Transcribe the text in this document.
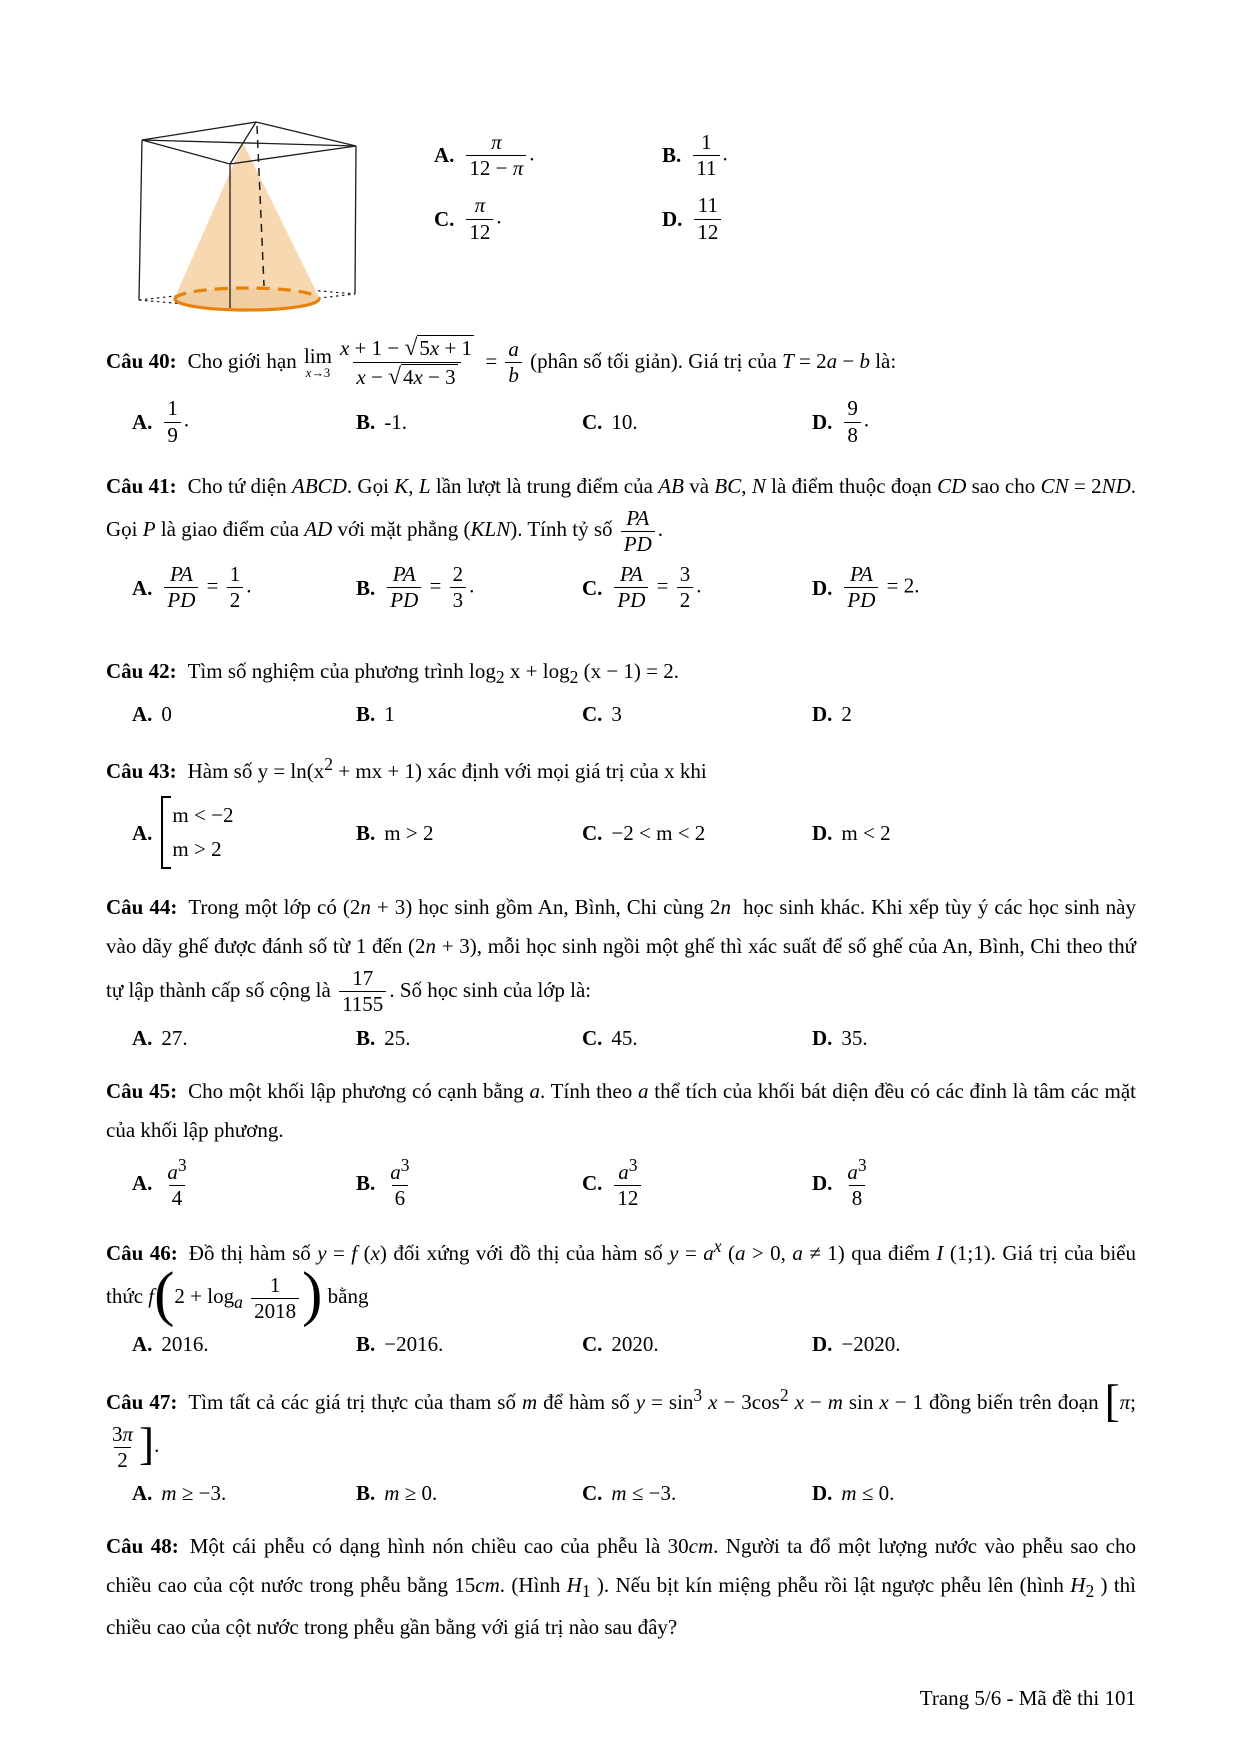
A. $\frac{\pi}{12 - \pi}$ .	B. $\frac{1}{11}$ .
C. $\frac{\pi}{12}$ .	D. $\frac{11}{12}$

Câu 40: Cho giới hạn lim
$x\to 3 \frac{x + 1 - √ 5x + 1}{x - √ 4x - 3} = \frac{a}{b}$ (phân số tối giản). Giá trị của T = 2a − b là:

A. $\frac{1}{9}$ .	B. -1.	C. 10.	D. $\frac{9}{8}$ .

Câu 41: Cho tứ diện ABCD. Gọi K, L lần lượt là trung điểm của AB và BC, N là điểm thuộc đoạn CD sao cho CN = 2ND. Gọi P là giao điểm của AD với mặt phẳng (KLN). Tính tỷ số $\frac{PA}{PD}$ .

A. $\frac{PA}{PD} = \frac{1}{2}$ .	B. $\frac{PA}{PD} = \frac{2}{3}$ .	C. $\frac{PA}{PD} = \frac{3}{2}$ .	D. $\frac{PA}{PD} = 2$.

Câu 42: Tìm số nghiệm của phương trình $\log_2 x + \log_2 (x - 1) = 2$.

A. 0	B. 1	C. 3	D. 2

Câu 43: Hàm số $y = \ln(x^2$ + mx + 1) xác định với mọi giá trị của x khi

A.
m < −2
m > 2
B. m > 2	C. −2 < m < 2	D. m < 2

Câu 44: Trong một lớp có (2n + 3) học sinh gồm An, Bình, Chi cùng 2n  học sinh khác. Khi xếp tùy ý các học sinh này vào dãy ghế được đánh số từ 1 đến (2n + 3), mỗi học sinh ngồi một ghế thì xác suất để số ghế của An, Bình, Chi theo thứ tự lập thành cấp số cộng là $\frac{17}{1155}$ . Số học sinh của lớp là:

A. 27.	B. 25.	C. 45.	D. 35.

Câu 45: Cho một khối lập phương có cạnh bằng a. Tính theo a thể tích của khối bát diện đều có các đỉnh là tâm các mặt của khối lập phương.

A. $\frac{a^3}{4}$	B. $\frac{a^3}{6}$	C. $\frac{a^3}{12}$	D. $\frac{a^3}{8}$

Câu 46: Đồ thị hàm số y = f (x) đối xứng với đồ thị của hàm số $y = a^x$ (a > 0, a ≠ 1) qua điểm I (1;1). Giá trị của biểu thức $f(2 + \log_a \frac{1}{2018}$ ) bằng

A. 2016.	B. −2016.	C. 2020.	D. −2020.

Câu 47: Tìm tất cả các giá trị thực của tham số m để hàm số $y = \sin^3 x - 3\cos^2$ x − m sin x − 1 đồng biến trên đoạn [π;
$\frac{3\pi}{2}$ ].

A. m ≥ −3.	B. m ≥ 0.	C. m ≤ −3.	D. m ≤ 0.

Câu 48: Một cái phễu có dạng hình nón chiều cao của phễu là 30cm. Người ta đổ một lượng nước vào phễu sao cho chiều cao của cột nước trong phễu bằng 15cm. (Hình $H_1$ ). Nếu bịt kín miệng phễu rồi lật ngược phễu lên (hình $H_2$ ) thì chiều cao của cột nước trong phễu gần bằng với giá trị nào sau đây?

Trang 5/6 - Mã đề thi 101
